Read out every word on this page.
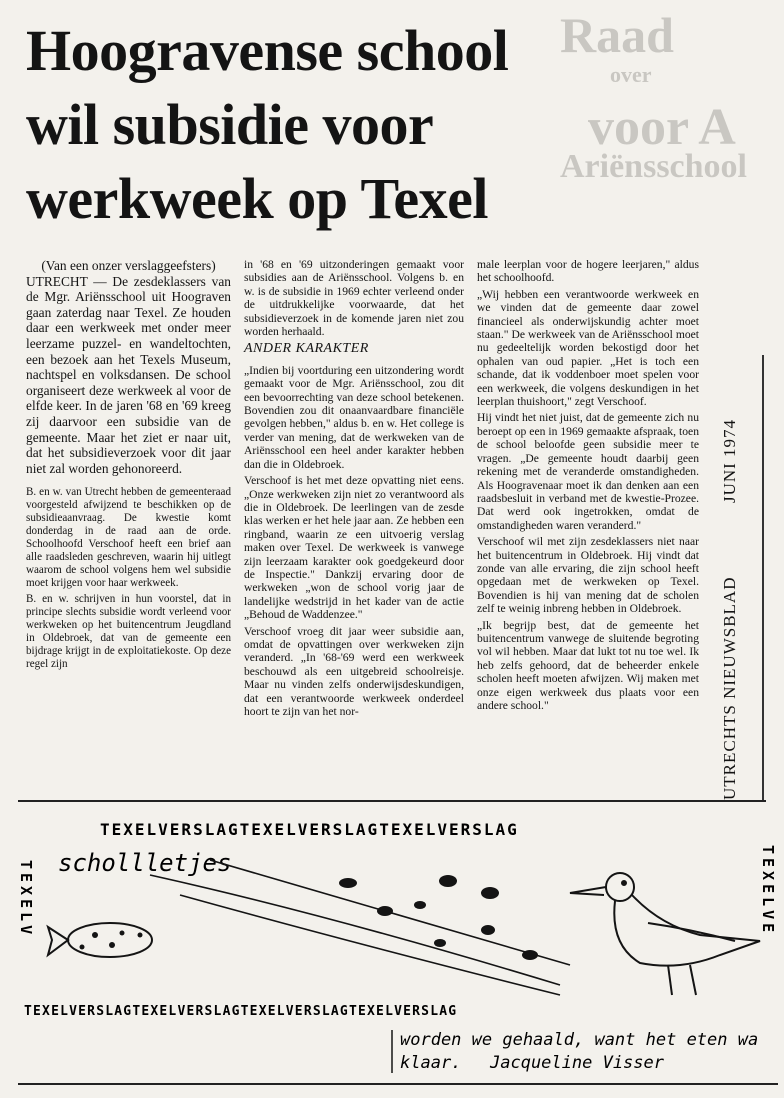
Raad
over
voor A
Ariënsschool
Hoogravense school
wil subsidie voor
werkweek op Texel
(Van een onzer verslaggeefsters)
UTRECHT — De zesdeklassers van de Mgr. Ariënsschool uit Hoograven gaan zaterdag naar Texel. Ze houden daar een werkweek met onder meer leerzame puzzel- en wandeltochten, een bezoek aan het Texels Museum, nachtspel en volksdansen. De school organiseert deze werkweek al voor de elfde keer. In de jaren '68 en '69 kreeg zij daarvoor een subsidie van de gemeente. Maar het ziet er naar uit, dat het subsidieverzoek voor dit jaar niet zal worden gehonoreerd.
B. en w. van Utrecht hebben de gemeenteraad voorgesteld afwijzend te beschikken op de subsidieaanvraag. De kwestie komt donderdag in de raad aan de orde. Schoolhoofd Verschoof heeft een brief aan alle raadsleden geschreven, waarin hij uitlegt waarom de school volgens hem wel subsidie moet krijgen voor haar werkweek.
B. en w. schrijven in hun voorstel, dat in principe slechts subsidie wordt verleend voor werkweken op het buitencentrum Jeugdland in Oldebroek, dat van de gemeente een bijdrage krijgt in de exploitatiekoste. Op deze regel zijn
in '68 en '69 uitzonderingen gemaakt voor subsidies aan de Ariënsschool. Volgens b. en w. is de subsidie in 1969 echter verleend onder de uitdrukkelijke voorwaarde, dat het subsidieverzoek in de komende jaren niet zou worden herhaald.
ANDER KARAKTER
„Indien bij voortduring een uitzondering wordt gemaakt voor de Mgr. Ariënsschool, zou dit een bevoorrechting van deze school betekenen. Bovendien zou dit onaanvaardbare financiële gevolgen hebben," aldus b. en w. Het college is verder van mening, dat de werkweken van de Ariënsschool een heel ander karakter hebben dan die in Oldebroek.
Verschoof is het met deze opvatting niet eens. „Onze werkweken zijn niet zo verantwoord als die in Oldebroek. De leerlingen van de zesde klas werken er het hele jaar aan. Ze hebben een ringband, waarin ze een uitvoerig verslag maken over Texel. De werkweek is vanwege zijn leerzaam karakter ook goedgekeurd door de Inspectie." Dankzij ervaring door de werkweken „won de school vorig jaar de landelijke wedstrijd in het kader van de actie „Behoud de Waddenzee."
Verschoof vroeg dit jaar weer subsidie aan, omdat de opvattingen over werkweken zijn veranderd. „In '68-'69 werd een werkweek beschouwd als een uitgebreid schoolreisje. Maar nu vinden zelfs onderwijsdeskundigen, dat een verantwoorde werkweek onderdeel hoort te zijn van het nor-
male leerplan voor de hogere leerjaren," aldus het schoolhoofd.
„Wij hebben een verantwoorde werkweek en we vinden dat de gemeente daar zowel financieel als onderwijskundig achter moet staan." De werkweek van de Ariënsschool moet nu gedeeltelijk worden bekostigd door het ophalen van oud papier. „Het is toch een schande, dat ik voddenboer moet spelen voor een werkweek, die volgens deskundigen in het leerplan thuishoort," zegt Verschoof.
Hij vindt het niet juist, dat de gemeente zich nu beroept op een in 1969 gemaakte afspraak, toen de school beloofde geen subsidie meer te vragen. „De gemeente houdt daarbij geen rekening met de veranderde omstandigheden. Als Hoogravenaar moet ik dan denken aan een raadsbesluit in verband met de kwestie-Prozee. Dat werd ook ingetrokken, omdat de omstandigheden waren veranderd."
Verschoof wil met zijn zesdeklassers niet naar het buitencentrum in Oldebroek. Hij vindt dat zonde van alle ervaring, die zijn school heeft opgedaan met de werkweken op Texel. Bovendien is hij van mening dat de scholen zelf te weinig inbreng hebben in Oldebroek.
„Ik begrijp best, dat de gemeente het buitencentrum vanwege de sluitende begroting vol wil hebben. Maar dat lukt tot nu toe wel. Ik heb zelfs gehoord, dat de beheerder enkele scholen heeft moeten afwijzen. Wij maken met onze eigen werkweek dus plaats voor een andere school."	UTRECHTS NIEUWSBLAD              JUNI 1974
TEXELVERSLAGTEXELVERSLAGTEXELVERSLAG
TEXELVERSLAGTEXELVERSLAGTEXELVERSLAGTEXELVERSLAG
TEXELV	TEXELVE
schollletjes
worden we gehaald, want het eten wa
klaar. Jacqueline Visser
